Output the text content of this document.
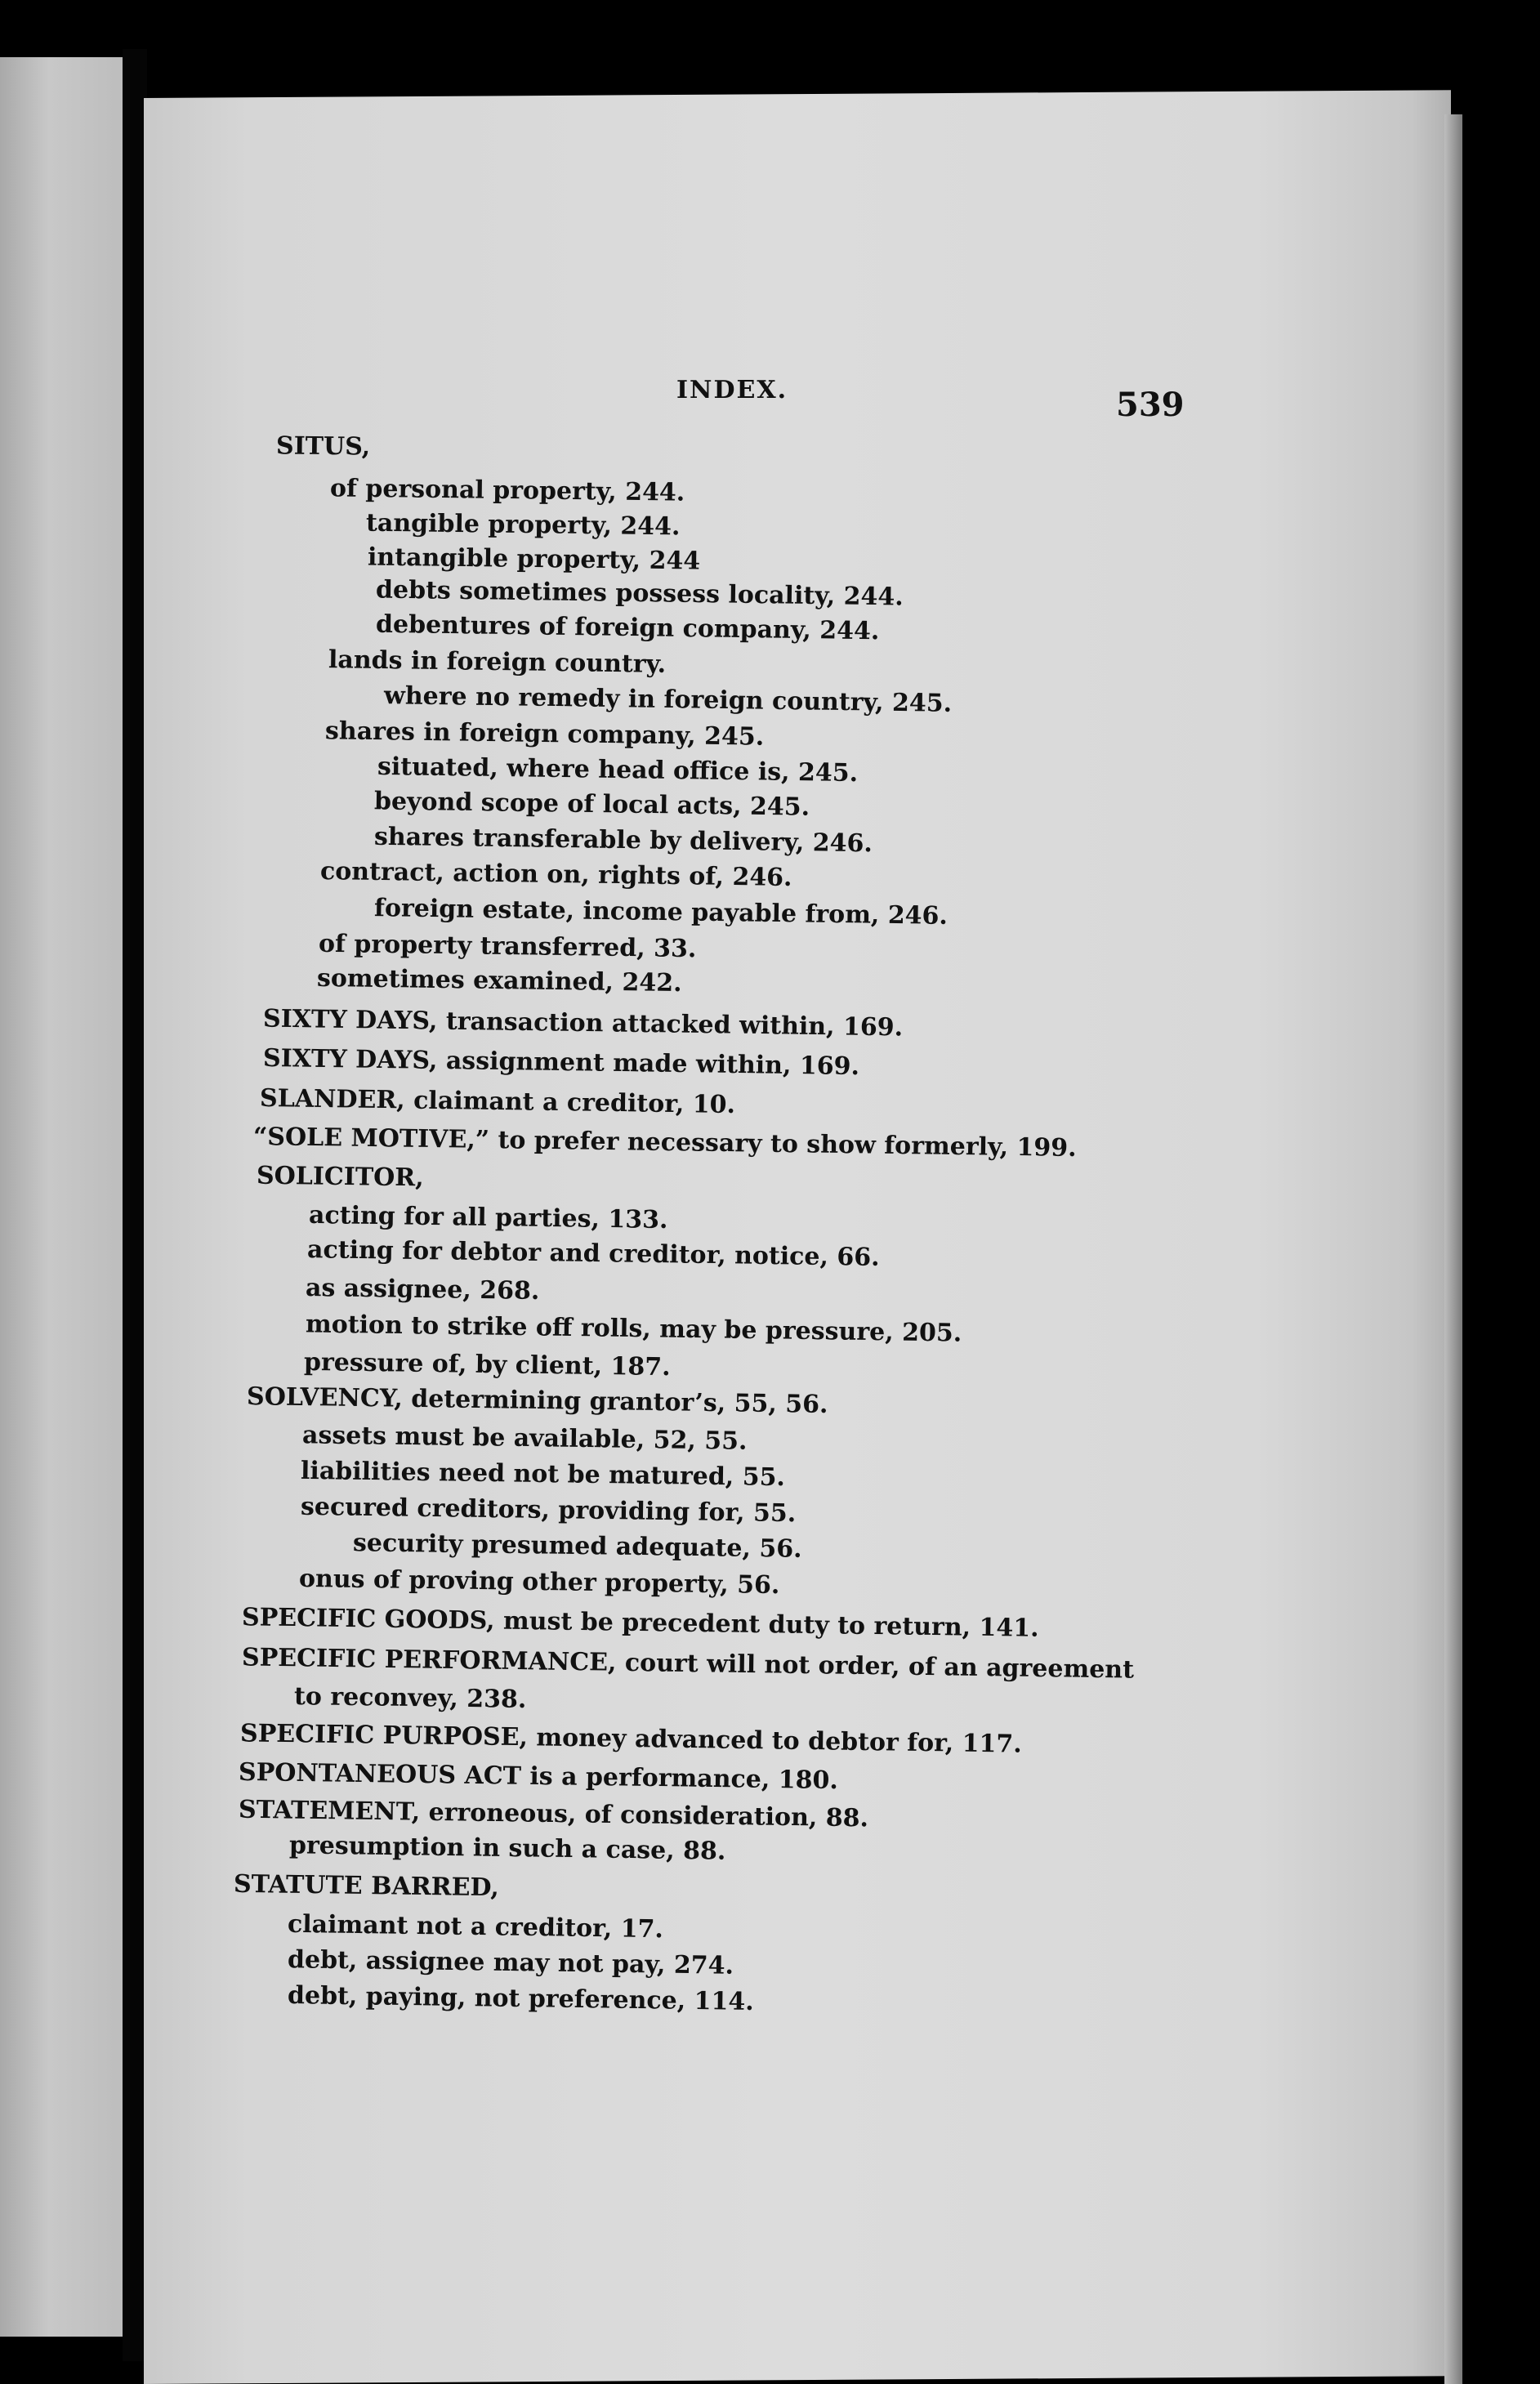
INDEX.	539
SITUS,
of personal property, 244.
tangible property, 244.
intangible property, 244
debts sometimes possess locality, 244.
debentures of foreign company, 244.
lands in foreign country.
where no remedy in foreign country, 245.
shares in foreign company, 245.
situated, where head office is, 245.
beyond scope of local acts, 245.
shares transferable by delivery, 246.
contract, action on, rights of, 246.
foreign estate, income payable from, 246.
of property transferred, 33.
sometimes examined, 242.
SIXTY DAYS, transaction attacked within, 169.
SIXTY DAYS, assignment made within, 169.
SLANDER, claimant a creditor, 10.
“SOLE MOTIVE,” to prefer necessary to show formerly, 199.
SOLICITOR,
acting for all parties, 133.
acting for debtor and creditor, notice, 66.
as assignee, 268.
motion to strike off rolls, may be pressure, 205.
pressure of, by client, 187.
SOLVENCY, determining grantor’s, 55, 56.
assets must be available, 52, 55.
liabilities need not be matured, 55.
secured creditors, providing for, 55.
security presumed adequate, 56.
onus of proving other property, 56.
SPECIFIC GOODS, must be precedent duty to return, 141.
SPECIFIC PERFORMANCE, court will not order, of an agreement
to reconvey, 238.
SPECIFIC PURPOSE, money advanced to debtor for, 117.
SPONTANEOUS ACT is a performance, 180.
STATEMENT, erroneous, of consideration, 88.
presumption in such a case, 88.
STATUTE BARRED,
claimant not a creditor, 17.
debt, assignee may not pay, 274.
debt, paying, not preference, 114.
